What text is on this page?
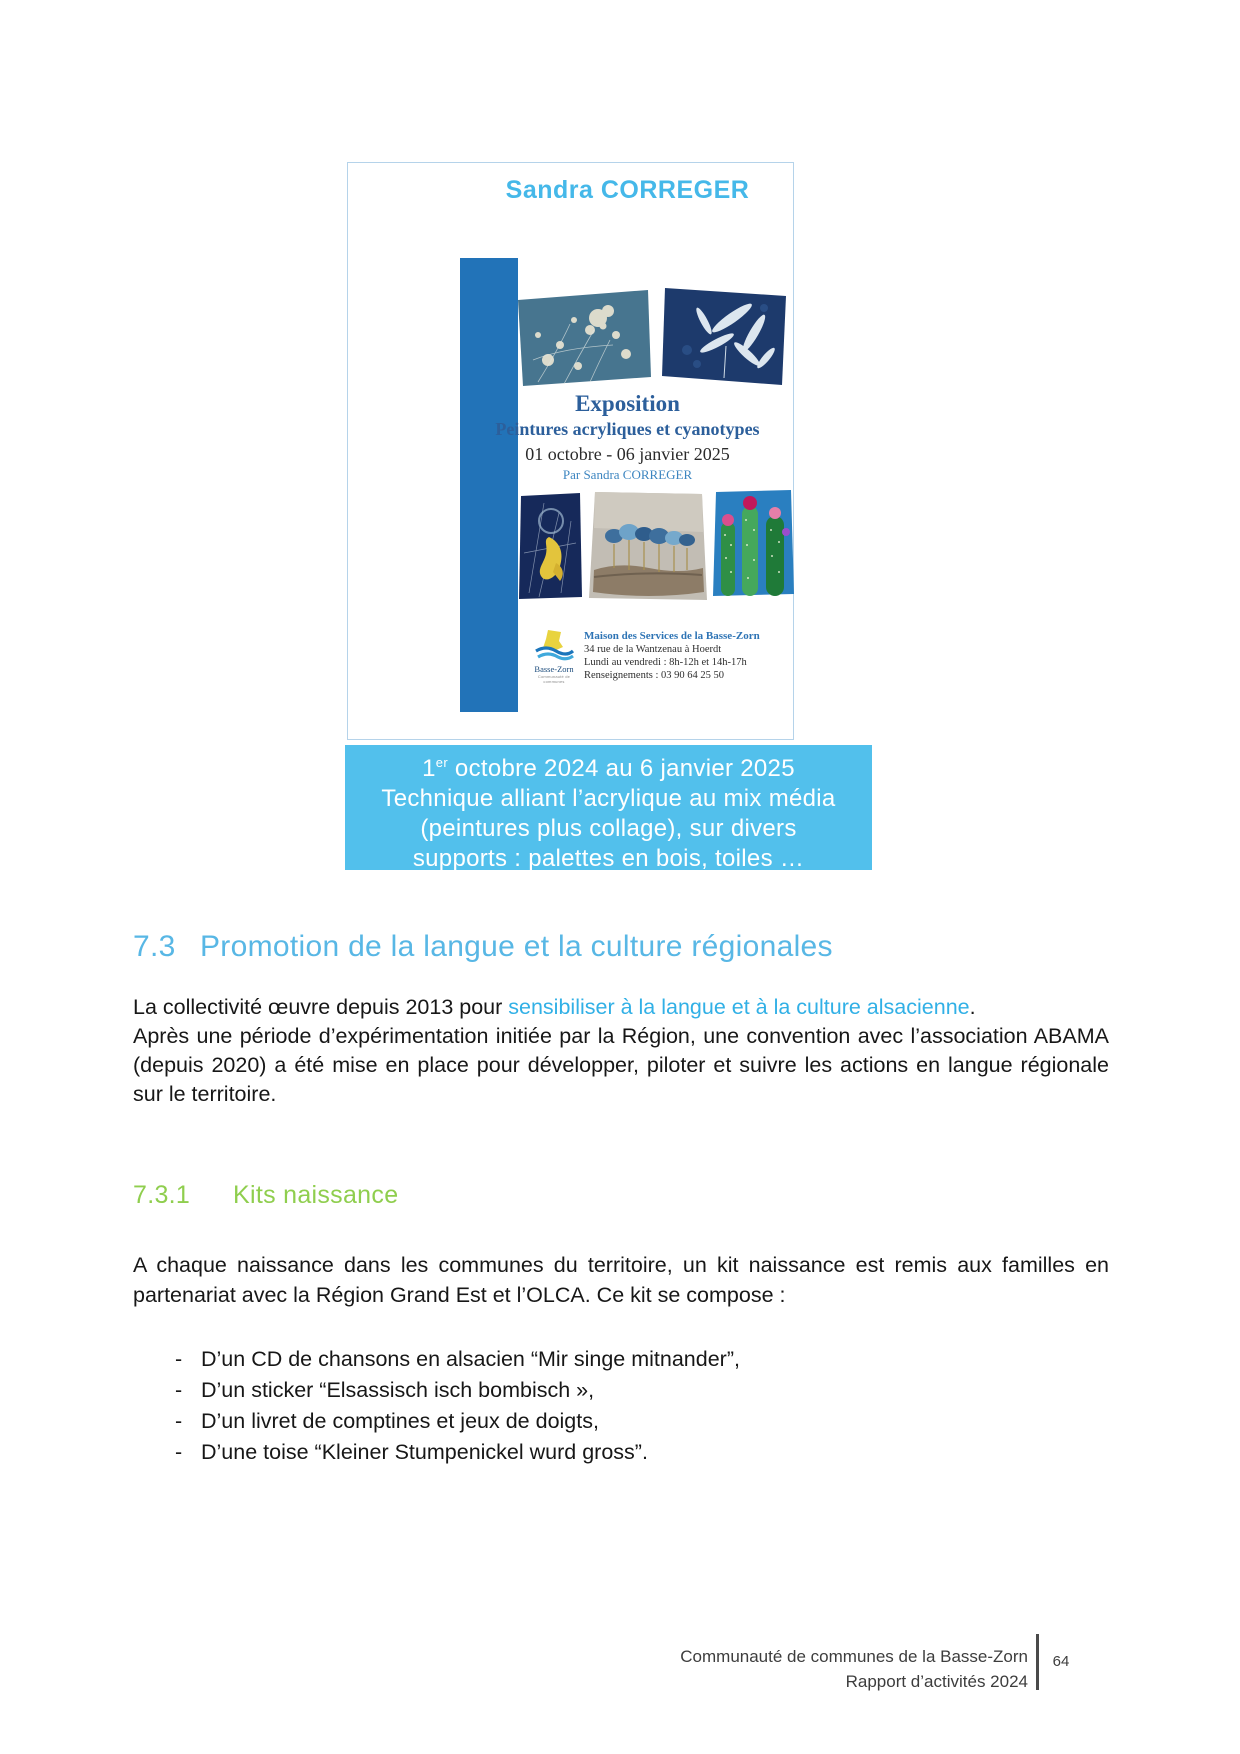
Sandra CORREGER
Exposition
Peintures acryliques et cyanotypes
01 octobre - 06 janvier 2025
Par Sandra CORREGER
Basse-Zorn
Communauté de communes
Maison des Services de la Basse-Zorn
34 rue de la Wantzenau à Hoerdt
Lundi au vendredi : 8h-12h et 14h-17h
Renseignements : 03 90 64 25 50
1er octobre 2024 au 6 janvier 2025
Technique alliant l’acrylique au mix média
(peintures plus collage), sur divers
supports : palettes en bois, toiles …
7.3 Promotion de la langue et la culture régionales

La collectivité œuvre depuis 2013 pour sensibiliser à la langue et à la culture alsacienne.

Après une période d’expérimentation initiée par la Région, une convention avec l’association ABAMA (depuis 2020) a été mise en place pour développer, piloter et suivre les actions en langue régionale sur le territoire.

7.3.1 Kits naissance

A chaque naissance dans les communes du territoire, un kit naissance est remis aux familles en partenariat avec la Région Grand Est et l’OLCA. Ce kit se compose :

- D’un CD de chansons en alsacien “Mir singe mitnander”,
- D’un sticker “Elsassisch isch bombisch »,
- D’un livret de comptines et jeux de doigts,
- D’une toise “Kleiner Stumpenickel wurd gross”.
Communauté de communes de la Basse-Zorn
Rapport d’activités 2024
64
